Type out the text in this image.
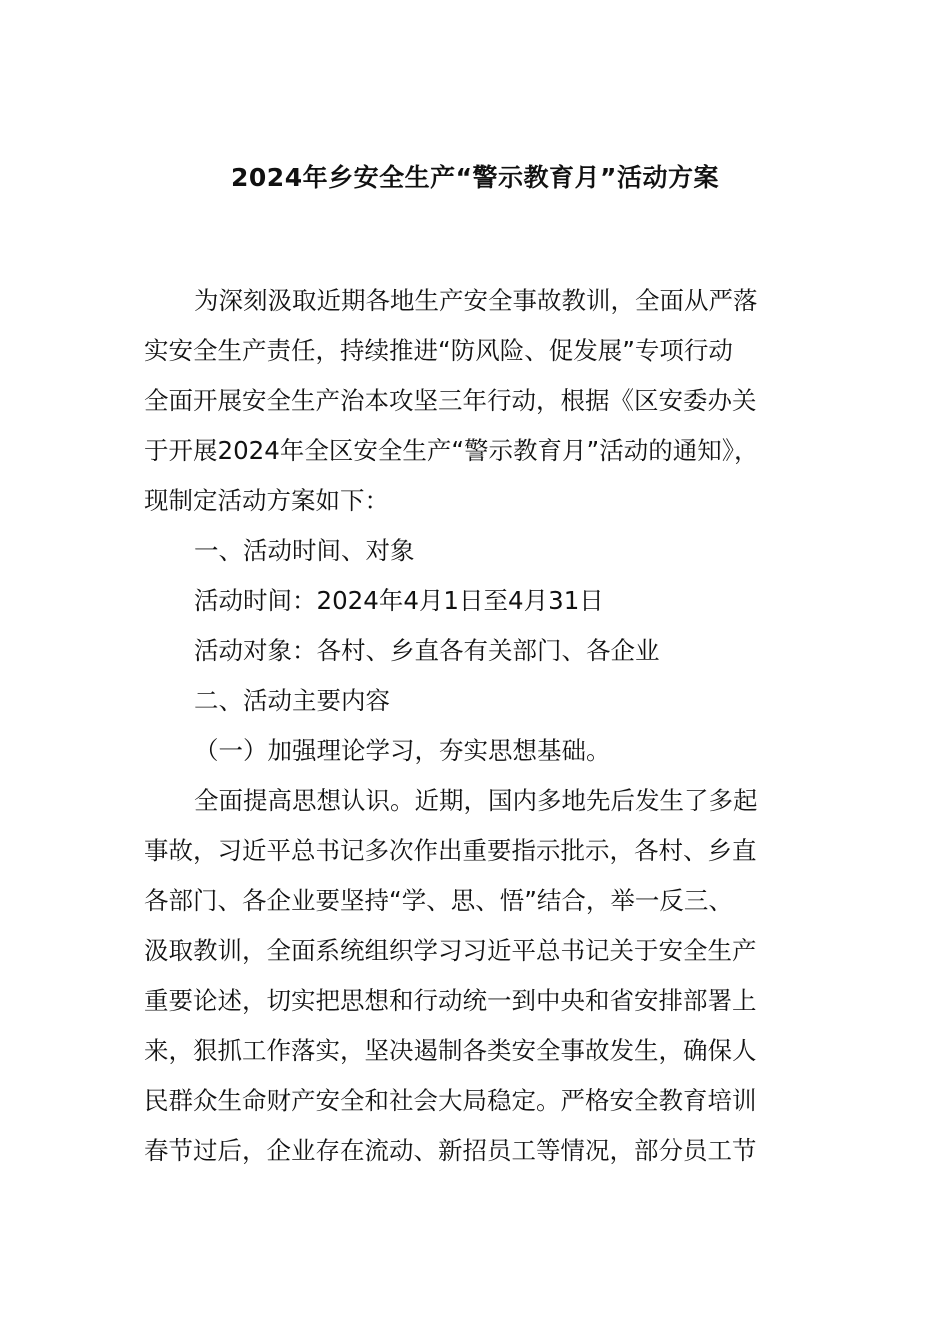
2024年乡安全生产“警示教育月”活动方案

为深刻汲取近期各地生产安全事故教训，全面从严落

实安全生产责任，持续推进“防风险、促发展”专项行动

全面开展安全生产治本攻坚三年行动，根据《区安委办关

于开展2024年全区安全生产“警示教育月”活动的通知》，

现制定活动方案如下：

一、活动时间、对象

活动时间：2024年4月1日至4月31日

活动对象：各村、乡直各有关部门、各企业

二、活动主要内容

（一）加强理论学习，夯实思想基础。

全面提高思想认识。近期，国内多地先后发生了多起

事故，习近平总书记多次作出重要指示批示，各村、乡直

各部门、各企业要坚持“学、思、悟”结合，举一反三、

汲取教训，全面系统组织学习习近平总书记关于安全生产

重要论述，切实把思想和行动统一到中央和省安排部署上

来，狠抓工作落实，坚决遏制各类安全事故发生，确保人

民群众生命财产安全和社会大局稳定。严格安全教育培训

春节过后，企业存在流动、新招员工等情况，部分员工节
